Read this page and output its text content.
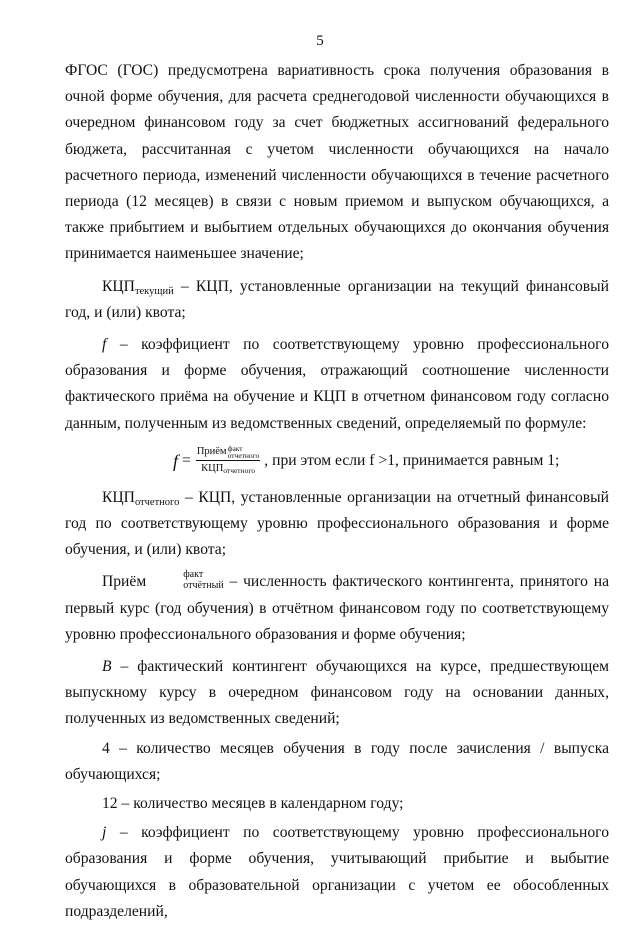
5

ФГОС (ГОС) предусмотрена вариативность срока получения образования в очной форме обучения, для расчета среднегодовой численности обучающихся в очередном финансовом году за счет бюджетных ассигнований федерального бюджета, рассчитанная с учетом численности обучающихся на начало расчетного периода, изменений численности обучающихся в течение расчетного периода (12 месяцев) в связи с новым приемом и выпуском обучающихся, а также прибытием и выбытием отдельных обучающихся до окончания обучения принимается наименьшее значение;

$КЦП_{текущий}$ – КЦП, установленные организации на текущий финансовый год, и (или) квота;

f – коэффициент по соответствующему уровню профессионального образования и форме обучения, отражающий соотношение численности фактического приёма на обучение и КЦП в отчетном финансовом году согласно данным, полученным из ведомственных сведений, определяемый по формуле:

f = Приём факт
отчетного
КЦПотчетного , при этом если f >1, принимается равным 1;

$КЦП_{отчетного}$ – КЦП, установленные организации на отчетный финансовый год по соответствующему уровню профессионального образования и форме обучения, и (или) квота;

Приём	факт
отчётный – численность фактического контингента, принятого на первый курс (год обучения) в отчётном финансовом году по соответствующему уровню профессионального образования и форме обучения;

B – фактический контингент обучающихся на курсе, предшествующем выпускному курсу в очередном финансовом году на основании данных, полученных из ведомственных сведений;

4 – количество месяцев обучения в году после зачисления / выпуска обучающихся;

12 – количество месяцев в календарном году;

j – коэффициент по соответствующему уровню профессионального образования и форме обучения, учитывающий прибытие и выбытие обучающихся в образовательной организации с учетом ее обособленных подразделений,
